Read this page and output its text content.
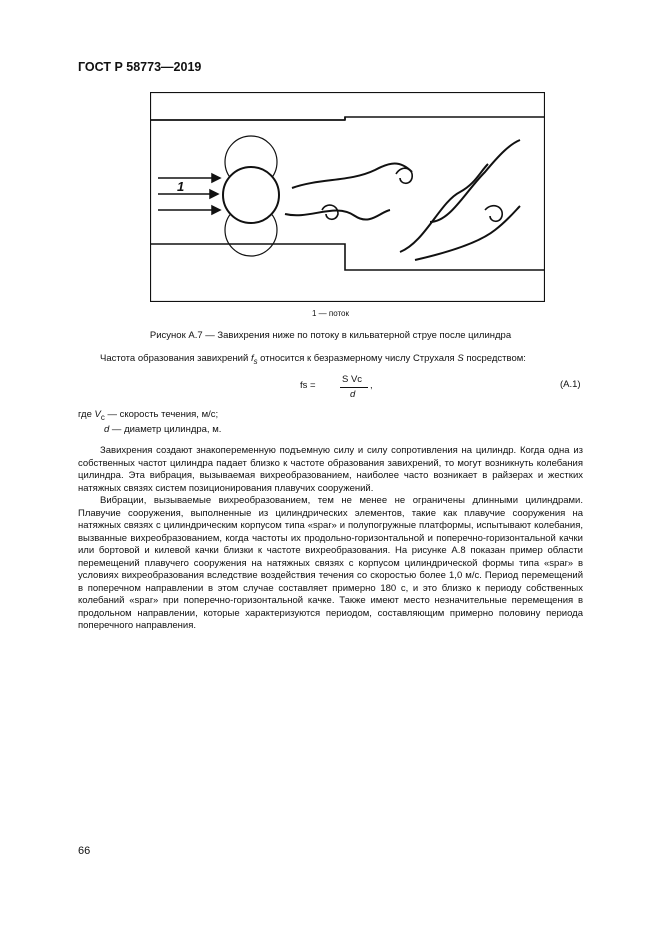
ГОСТ Р 58773—2019
1
1 — поток
Рисунок А.7 — Завихрения ниже по потоку в кильватерной струе после цилиндра
Частота образования завихрений $f_s$ относится к безразмерному числу Струхаля S посредством:
fs =
S Vc
d
,	(А.1)
где $V_c$ — скорость течения, м/с;
d — диаметр цилиндра, м.
Завихрения создают знакопеременную подъемную силу и силу сопротивления на цилиндр. Когда одна из собственных частот цилиндра падает близко к частоте образования завихрений, то могут возникнуть колебания цилиндра. Эта вибрация, вызываемая вихреобразованием, наиболее часто возникает в райзерах и жестких натяжных связях систем позиционирования плавучих сооружений.
Вибрации, вызываемые вихреобразованием, тем не менее не ограничены длинными цилиндрами. Плавучие сооружения, выполненные из цилиндрических элементов, такие как плавучие сооружения на натяжных связях с цилиндрическим корпусом типа «spar» и полупогружные платформы, испытывают колебания, вызванные вихреобразованием, когда частоты их продольно-горизонтальной и поперечно-горизонтальной качки или бортовой и килевой качки близки к частоте вихреобразования. На рисунке А.8 показан пример области перемещений плавучего сооружения на натяжных связях с корпусом цилиндрической формы типа «spar» в условиях вихреобразования вследствие воздействия течения со скоростью более 1,0 м/с. Период перемещений в поперечном направлении в этом случае составляет примерно 180 с, и это близко к периоду собственных колебаний «spar» при поперечно-горизонтальной качке. Также имеют место незначительные перемещения в продольном направлении, которые характеризуются периодом, составляющим примерно половину периода поперечного направления.
66
